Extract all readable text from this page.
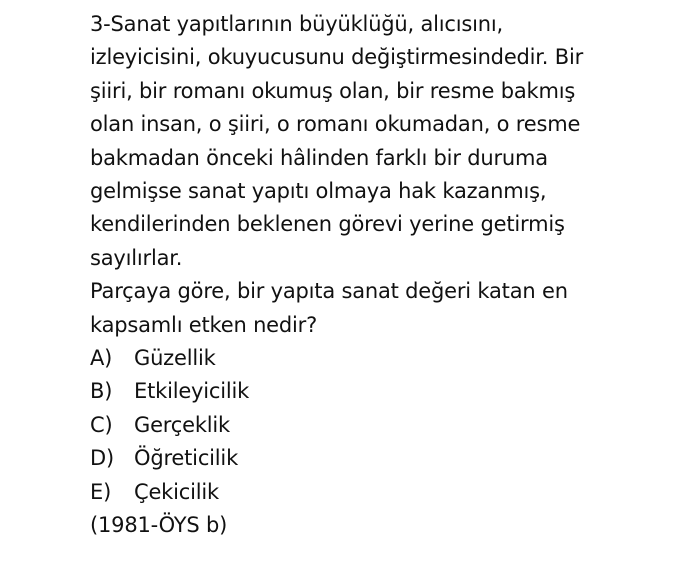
3-Sanat yapıtlarının büyüklüğü, alıcısını,
izleyicisini, okuyucusunu değiştirmesindedir. Bir
şiiri, bir romanı okumuş olan, bir resme bakmış
olan insan, o şiiri, o romanı okumadan, o resme
bakmadan önceki hâlinden farklı bir duruma
gelmişse sanat yapıtı olmaya hak kazanmış,
kendilerinden beklenen görevi yerine getirmiş
sayılırlar.
Parçaya göre, bir yapıta sanat değeri katan en
kapsamlı etken nedir?
A) Güzellik
B) Etkileyicilik
C) Gerçeklik
D) Öğreticilik
E) Çekicilik
(1981-ÖYS b)
